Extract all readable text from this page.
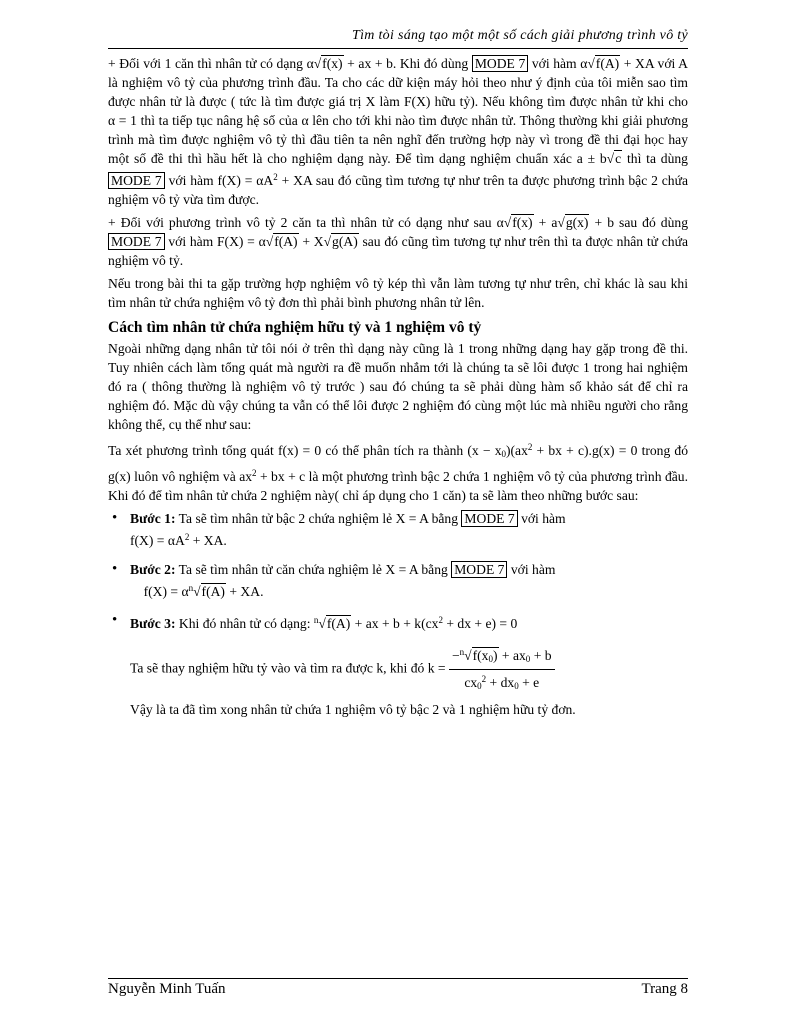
Tìm tòi sáng tạo một một số cách giải phương trình vô tỷ

+ Đối với 1 căn thì nhân tử có dạng α√f(x) + ax + b. Khi đó dùng MODE 7 với hàm α√f(A) + XA với A là nghiệm vô tỷ của phương trình đầu. Ta cho các dữ kiện máy hỏi theo như ý định của tôi miễn sao tìm được nhân tử là được ( tức là tìm được giá trị X làm F(X) hữu tỷ). Nếu không tìm được nhân tử khi cho α = 1 thì ta tiếp tục nâng hệ số của α lên cho tới khi nào tìm được nhân tử. Thông thường khi giải phương trình mà tìm được nghiệm vô tỷ thì đầu tiên ta nên nghĩ đến trường hợp này vì trong đề thi đại học hay một số đề thi thì hầu hết là cho nghiệm dạng này. Để tìm dạng nghiệm chuẩn xác a ± b√c thì ta dùng MODE 7 với hàm $f(X) = \alpha A^2$ + XA sau đó cũng tìm tương tự như trên ta được phương trình bậc 2 chứa nghiệm vô tỷ vừa tìm được.

+ Đối với phương trình vô tỷ 2 căn ta thì nhân tử có dạng như sau α√f(x) + a√g(x) + b sau đó dùng MODE 7 với hàm F(X) = α√f(A) + X√g(A) sau đó cũng tìm tương tự như trên thì ta được nhân tử chứa nghiệm vô tỷ.

Nếu trong bài thi ta gặp trường hợp nghiệm vô tỷ kép thì vẫn làm tương tự như trên, chỉ khác là sau khi tìm nhân tử chứa nghiệm vô tỷ đơn thì phải bình phương nhân tử lên.

Cách tìm nhân tử chứa nghiệm hữu tỷ và 1 nghiệm vô tỷ

Ngoài những dạng nhân tử tôi nói ở trên thì dạng này cũng là 1 trong những dạng hay gặp trong đề thi. Tuy nhiên cách làm tổng quát mà người ra đề muốn nhắm tới là chúng ta sẽ lôi được 1 trong hai nghiệm đó ra ( thông thường là nghiệm vô tỷ trước ) sau đó chúng ta sẽ phải dùng hàm số khảo sát để chỉ ra nghiệm đó. Mặc dù vậy chúng ta vẫn có thể lôi được 2 nghiệm đó cùng một lúc mà nhiều người cho rằng không thể, cụ thể như sau:

Ta xét phương trình tổng quát f(x) = 0 có thể phân tích ra thành $(x - x_0)(ax^2$ + bx + c).g(x) = 0 trong đó g(x) luôn vô nghiệm và $ax^2$ + bx + c là một phương trình bậc 2 chứa 1 nghiệm vô tỷ của phương trình đầu. Khi đó để tìm nhân tử chứa 2 nghiệm này( chỉ áp dụng cho 1 căn) ta sẽ làm theo những bước sau:

• Bước 1: Ta sẽ tìm nhân tử bậc 2 chứa nghiệm lẻ X = A bằng MODE 7 với hàm
$f(X) = \alpha A^2$ + XA.
• Bước 2: Ta sẽ tìm nhân tử căn chứa nghiệm lẻ X = A bằng MODE 7 với hàm
$f(X) = \alpha^n√f(A)$ + XA.
• Bước 3: Khi đó nhân tử có dạng: $^n$√f(A) + ax + $b + k(cx^2$ + dx + e) = 0

Ta sẽ thay nghiệm hữu tỷ vào và tìm ra được k, khi đó $k = \frac{-^n√f(x_0) + ax_0 + b}{cx_0^2 + dx_0 + e}$

Vậy là ta đã tìm xong nhân tử chứa 1 nghiệm vô tỷ bậc 2 và 1 nghiệm hữu tỷ đơn.

Nguyễn Minh Tuấn	Trang 8
